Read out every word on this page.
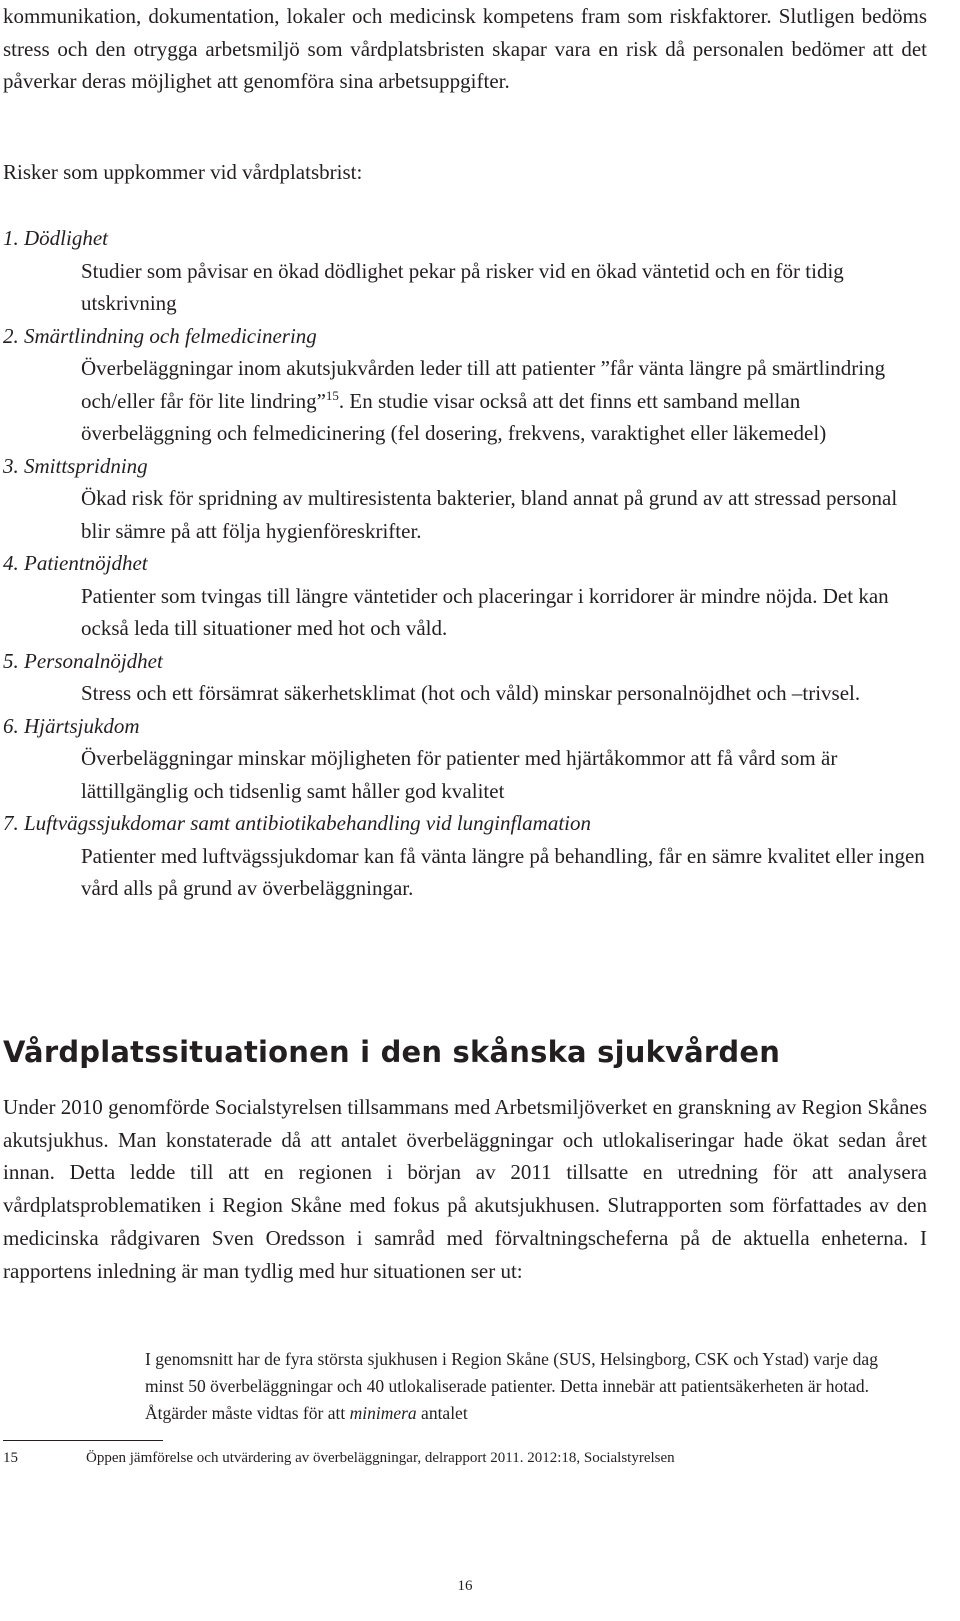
kommunikation, dokumentation, lokaler och medicinsk kompetens fram som riskfaktorer. Slutligen bedöms stress och den otrygga arbetsmiljö som vårdplatsbristen skapar vara en risk då personalen bedömer att det påverkar deras möjlighet att genomföra sina arbetsuppgifter.

Risker som uppkommer vid vårdplatsbrist:

1. Dödlighet

Studier som påvisar en ökad dödlighet pekar på risker vid en ökad väntetid och en för tidig utskrivning

2. Smärtlindning och felmedicinering

Överbeläggningar inom akutsjukvården leder till att patienter ”får vänta längre på smärtlindring och/eller får för lite lindring”$^{15}$. En studie visar också att det finns ett samband mellan överbeläggning och felmedicinering (fel dosering, frekvens, varaktighet eller läkemedel)

3. Smittspridning

Ökad risk för spridning av multiresistenta bakterier, bland annat på grund av att stressad personal blir sämre på att följa hygienföreskrifter.

4. Patientnöjdhet

Patienter som tvingas till längre väntetider och placeringar i korridorer är mindre nöjda. Det kan också leda till situationer med hot och våld.

5. Personalnöjdhet

Stress och ett försämrat säkerhetsklimat (hot och våld) minskar personalnöjdhet och –trivsel.

6. Hjärtsjukdom

Överbeläggningar minskar möjligheten för patienter med hjärtåkommor att få vård som är lättillgänglig och tidsenlig samt håller god kvalitet

7. Luftvägssjukdomar samt antibiotikabehandling vid lunginflamation

Patienter med luftvägssjukdomar kan få vänta längre på behandling, får en sämre kvalitet eller ingen vård alls på grund av överbeläggningar.

Vårdplatssituationen i den skånska sjukvården

Under 2010 genomförde Socialstyrelsen tillsammans med Arbetsmiljöverket en granskning av Region Skånes akutsjukhus. Man konstaterade då att antalet överbeläggningar och utlokaliseringar hade ökat sedan året innan. Detta ledde till att en regionen i början av 2011 tillsatte en utredning för att analysera vårdplatsproblematiken i Region Skåne med fokus på akutsjukhusen. Slutrapporten som författades av den medicinska rådgivaren Sven Oredsson i samråd med förvaltningscheferna på de aktuella enheterna. I rapportens inledning är man tydlig med hur situationen ser ut:

I genomsnitt har de fyra största sjukhusen i Region Skåne (SUS, Helsingborg, CSK och Ystad) varje dag minst 50 överbeläggningar och 40 utlokaliserade patienter. Detta innebär att patientsäkerheten är hotad. Åtgärder måste vidtas för att minimera antalet

15	Öppen jämförelse och utvärdering av överbeläggningar, delrapport 2011. 2012:18, Socialstyrelsen

16
